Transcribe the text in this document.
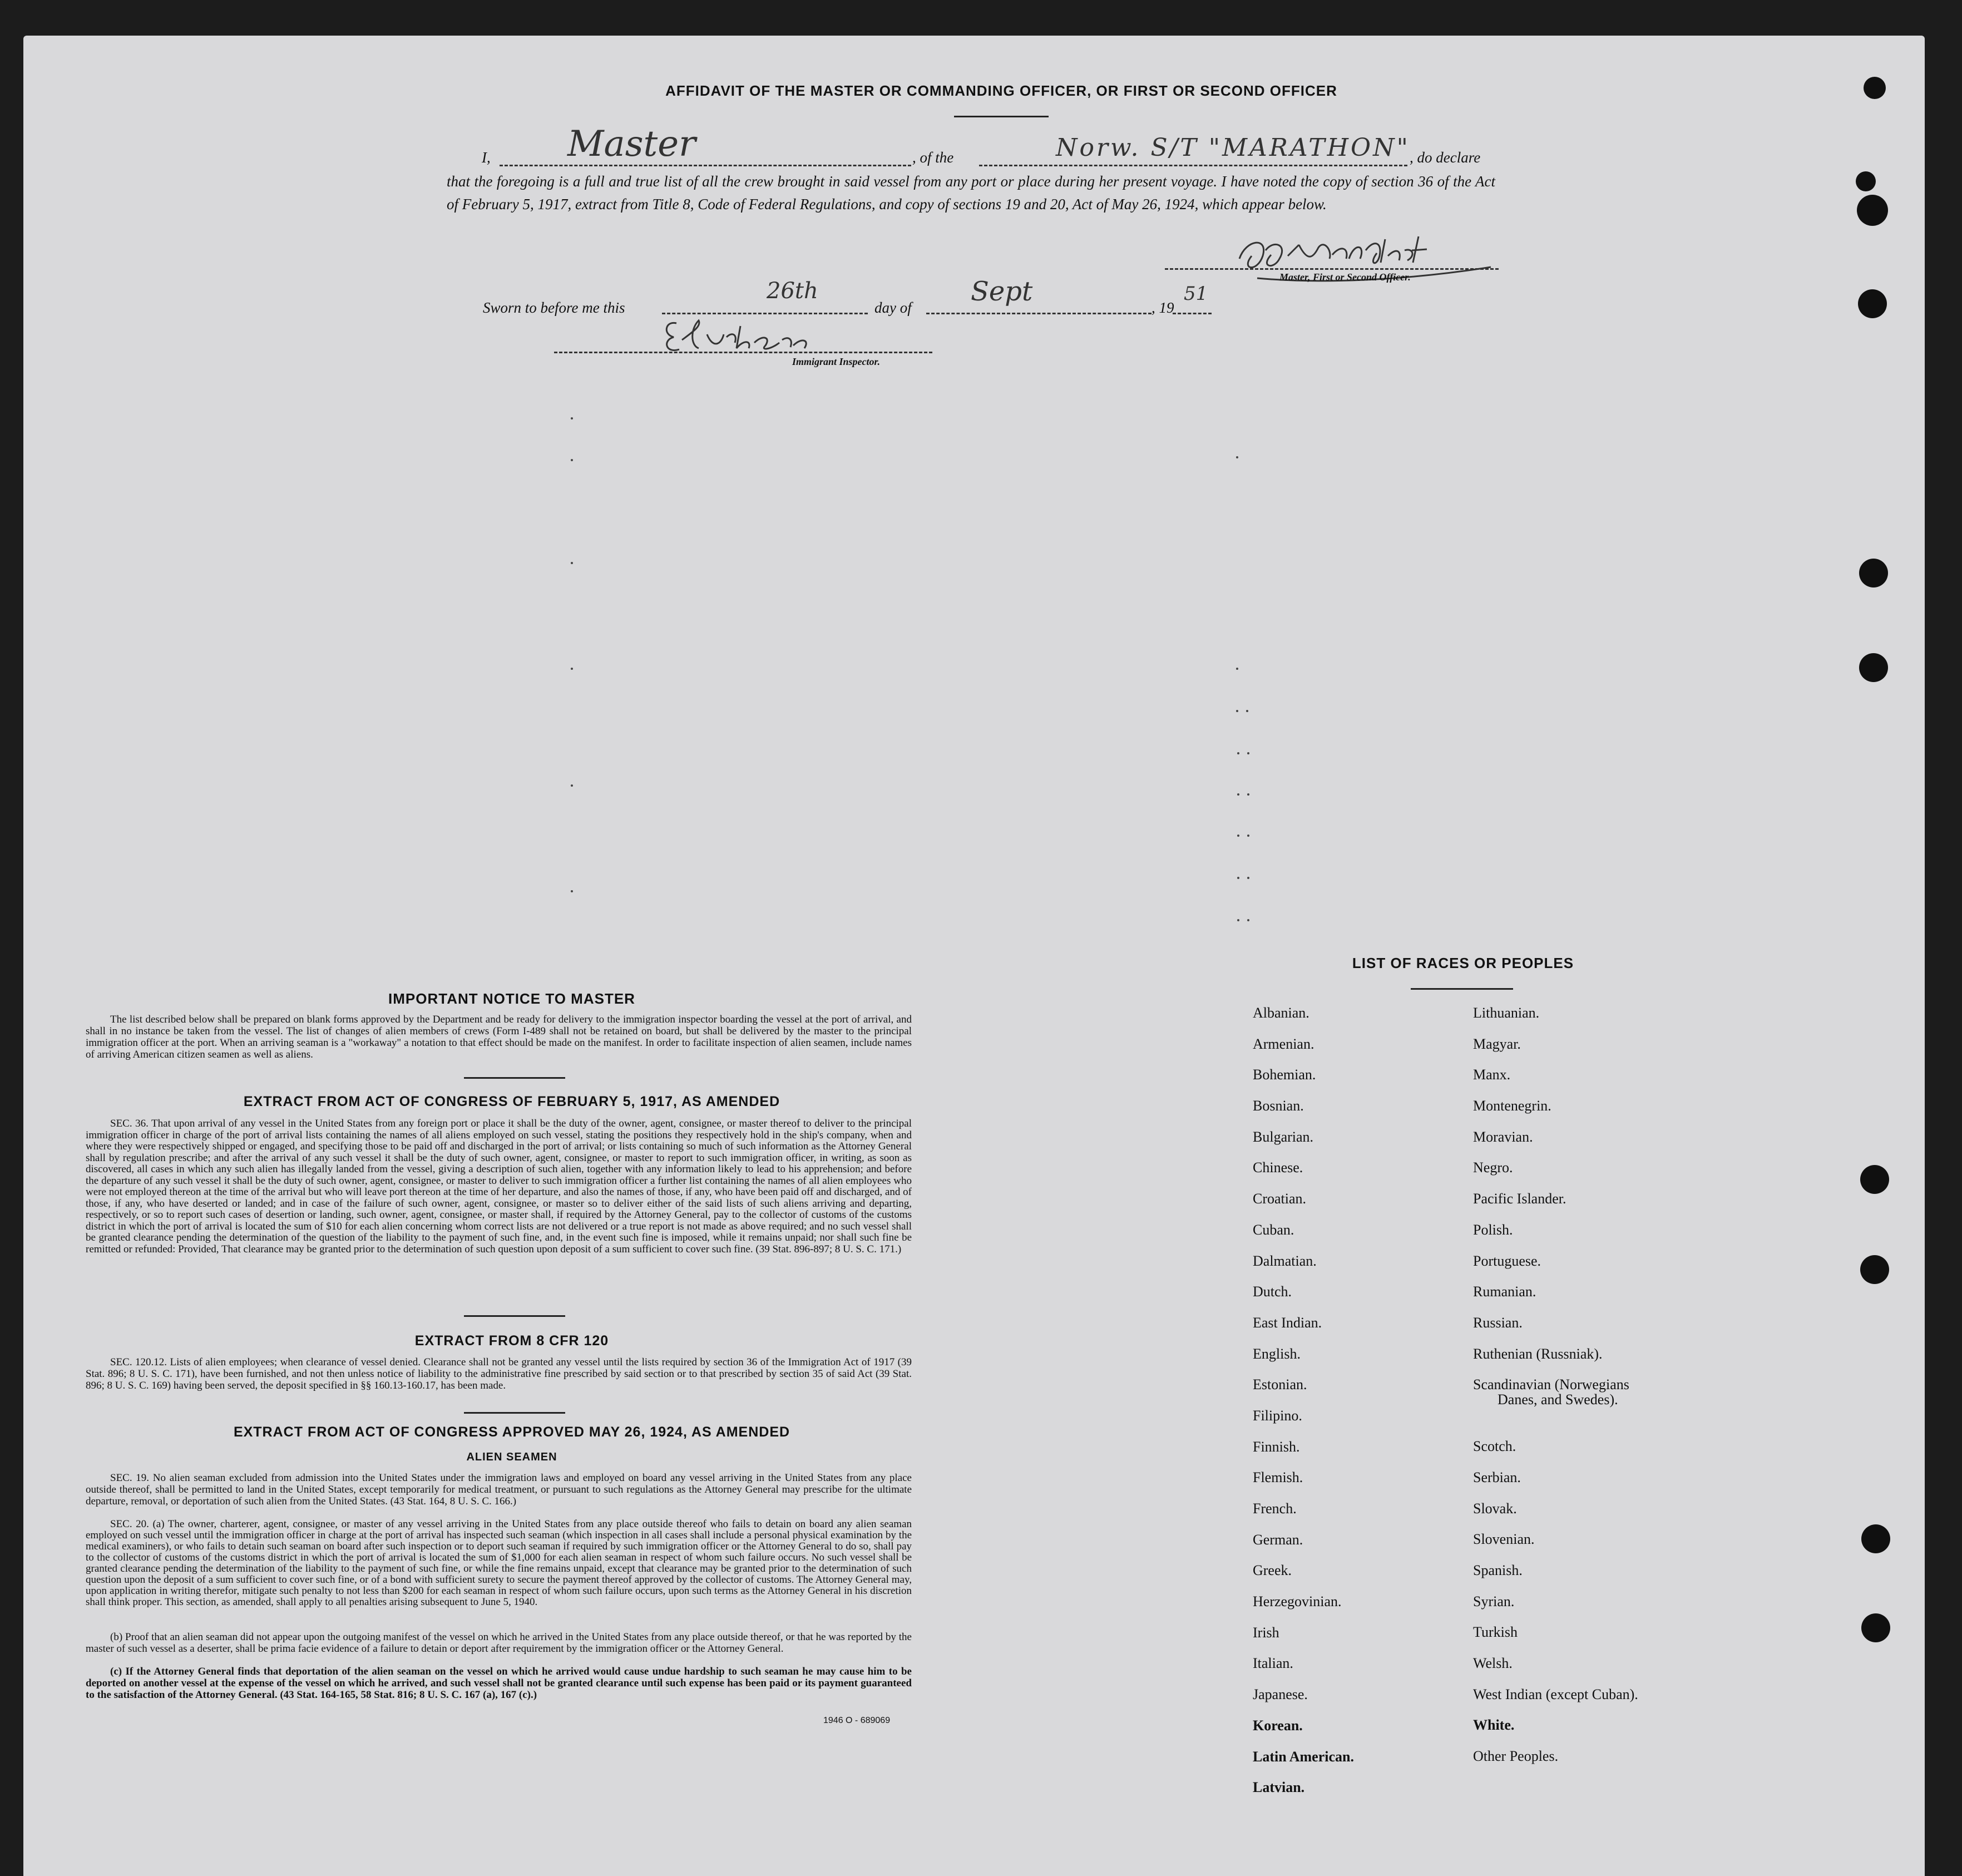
AFFIDAVIT OF THE MASTER OR COMMANDING OFFICER, OR FIRST OR SECOND OFFICER
I, Master	, of the	Norw. S/T "MARATHON" , do declare
that the foregoing is a full and true list of all the crew brought in said vessel from any port or place during her present voyage. I have noted the copy of section 36 of the Act of February 5, 1917, extract from Title 8, Code of Federal Regulations, and copy of sections 19 and 20, Act of May 26, 1924, which appear below.
Master, First or Second Officer.
Sworn to before me this
26th
day of
Sept
, 19
51
Immigrant Inspector.
IMPORTANT NOTICE TO MASTER
The list described below shall be prepared on blank forms approved by the Department and be ready for delivery to the immigration inspector boarding the vessel at the port of arrival, and shall in no instance be taken from the vessel. The list of changes of alien members of crews (Form I-489 shall not be retained on board, but shall be delivered by the master to the principal immigration officer at the port. When an arriving seaman is a "workaway" a notation to that effect should be made on the manifest. In order to facilitate inspection of alien seamen, include names of arriving American citizen seamen as well as aliens.
EXTRACT FROM ACT OF CONGRESS OF FEBRUARY 5, 1917, AS AMENDED
SEC. 36. That upon arrival of any vessel in the United States from any foreign port or place it shall be the duty of the owner, agent, consignee, or master thereof to deliver to the principal immigration officer in charge of the port of arrival lists containing the names of all aliens employed on such vessel, stating the positions they respectively hold in the ship's company, when and where they were respectively shipped or engaged, and specifying those to be paid off and discharged in the port of arrival; or lists containing so much of such information as the Attorney General shall by regulation prescribe; and after the arrival of any such vessel it shall be the duty of such owner, agent, consignee, or master to report to such immigration officer, in writing, as soon as discovered, all cases in which any such alien has illegally landed from the vessel, giving a description of such alien, together with any information likely to lead to his apprehension; and before the departure of any such vessel it shall be the duty of such owner, agent, consignee, or master to deliver to such immigration officer a further list containing the names of all alien employees who were not employed thereon at the time of the arrival but who will leave port thereon at the time of her departure, and also the names of those, if any, who have been paid off and discharged, and of those, if any, who have deserted or landed; and in case of the failure of such owner, agent, consignee, or master so to deliver either of the said lists of such aliens arriving and departing, respectively, or so to report such cases of desertion or landing, such owner, agent, consignee, or master shall, if required by the Attorney General, pay to the collector of customs of the customs district in which the port of arrival is located the sum of $10 for each alien concerning whom correct lists are not delivered or a true report is not made as above required; and no such vessel shall be granted clearance pending the determination of the question of the liability to the payment of such fine, and, in the event such fine is imposed, while it remains unpaid; nor shall such fine be remitted or refunded: Provided, That clearance may be granted prior to the determination of such question upon deposit of a sum sufficient to cover such fine. (39 Stat. 896-897; 8 U. S. C. 171.)
EXTRACT FROM 8 CFR 120
SEC. 120.12. Lists of alien employees; when clearance of vessel denied. Clearance shall not be granted any vessel until the lists required by section 36 of the Immigration Act of 1917 (39 Stat. 896; 8 U. S. C. 171), have been furnished, and not then unless notice of liability to the administrative fine prescribed by said section or to that prescribed by section 35 of said Act (39 Stat. 896; 8 U. S. C. 169) having been served, the deposit specified in §§ 160.13-160.17, has been made.
EXTRACT FROM ACT OF CONGRESS APPROVED MAY 26, 1924, AS AMENDED
ALIEN SEAMEN
SEC. 19. No alien seaman excluded from admission into the United States under the immigration laws and employed on board any vessel arriving in the United States from any place outside thereof, shall be permitted to land in the United States, except temporarily for medical treatment, or pursuant to such regulations as the Attorney General may prescribe for the ultimate departure, removal, or deportation of such alien from the United States. (43 Stat. 164, 8 U. S. C. 166.)
SEC. 20. (a) The owner, charterer, agent, consignee, or master of any vessel arriving in the United States from any place outside thereof who fails to detain on board any alien seaman employed on such vessel until the immigration officer in charge at the port of arrival has inspected such seaman (which inspection in all cases shall include a personal physical examination by the medical examiners), or who fails to detain such seaman on board after such inspection or to deport such seaman if required by such immigration officer or the Attorney General to do so, shall pay to the collector of customs of the customs district in which the port of arrival is located the sum of $1,000 for each alien seaman in respect of whom such failure occurs. No such vessel shall be granted clearance pending the determination of the liability to the payment of such fine, or while the fine remains unpaid, except that clearance may be granted prior to the determination of such question upon the deposit of a sum sufficient to cover such fine, or of a bond with sufficient surety to secure the payment thereof approved by the collector of customs. The Attorney General may, upon application in writing therefor, mitigate such penalty to not less than $200 for each seaman in respect of whom such failure occurs, upon such terms as the Attorney General in his discretion shall think proper. This section, as amended, shall apply to all penalties arising subsequent to June 5, 1940.
(b) Proof that an alien seaman did not appear upon the outgoing manifest of the vessel on which he arrived in the United States from any place outside thereof, or that he was reported by the master of such vessel as a deserter, shall be prima facie evidence of a failure to detain or deport after requirement by the immigration officer or the Attorney General.
(c) If the Attorney General finds that deportation of the alien seaman on the vessel on which he arrived would cause undue hardship to such seaman he may cause him to be deported on another vessel at the expense of the vessel on which he arrived, and such vessel shall not be granted clearance until such expense has been paid or its payment guaranteed to the satisfaction of the Attorney General. (43 Stat. 164-165, 58 Stat. 816; 8 U. S. C. 167 (a), 167 (c).)
1946 O - 689069
LIST OF RACES OR PEOPLES
Albanian.
Armenian.
Bohemian.
Bosnian.
Bulgarian.
Chinese.
Croatian.
Cuban.
Dalmatian.
Dutch.
East Indian.
English.
Estonian.
Filipino.
Finnish.
Flemish.
French.
German.
Greek.
Herzegovinian.
Irish
Italian.
Japanese.
Korean.
Latin American.
Latvian.
Lithuanian.
Magyar.
Manx.
Montenegrin.
Moravian.
Negro.
Pacific Islander.
Polish.
Portuguese.
Rumanian.
Russian.
Ruthenian (Russniak).
Scandinavian (Norwegians
Danes, and Swedes).
Scotch.
Serbian.
Slovak.
Slovenian.
Spanish.
Syrian.
Turkish
Welsh.
West Indian (except Cuban).
White.
Other Peoples.
